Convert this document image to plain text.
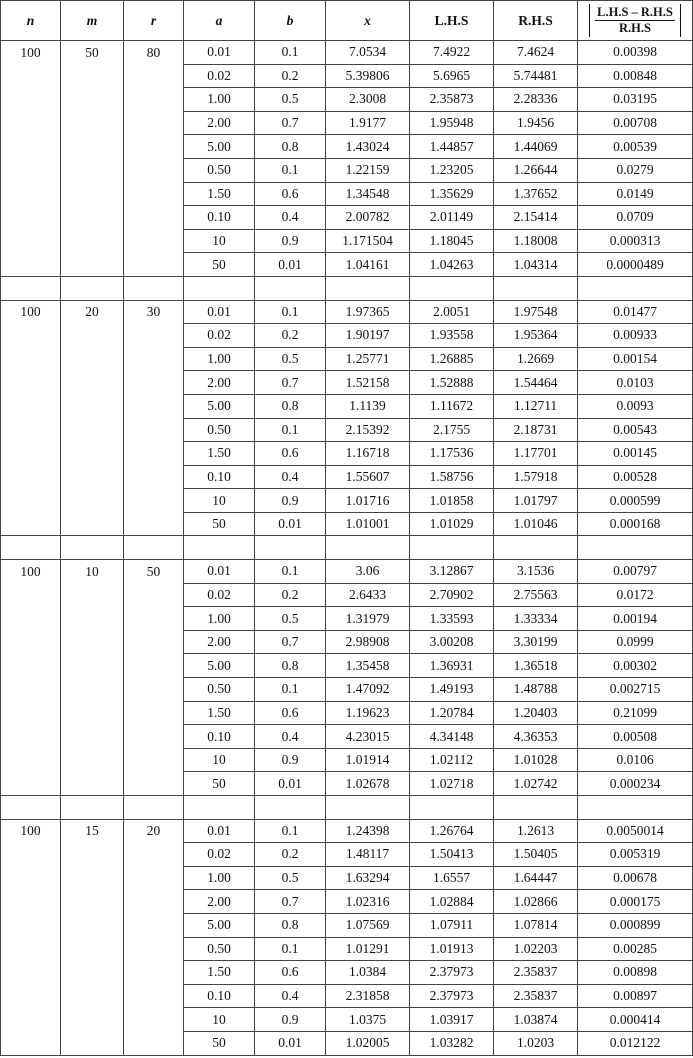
n	m	r	a	b	x	L.H.S	R.H.S	$\frac{L.H.S - R.H.S}{R.H.S}$

100	50	80	0.01	0.1	7.0534	7.4922	7.4624	0.00398
			0.02	0.2	5.39806	5.6965	5.74481	0.00848
			1.00	0.5	2.3008	2.35873	2.28336	0.03195
			2.00	0.7	1.9177	1.95948	1.9456	0.00708
			5.00	0.8	1.43024	1.44857	1.44069	0.00539
			0.50	0.1	1.22159	1.23205	1.26644	0.0279
			1.50	0.6	1.34548	1.35629	1.37652	0.0149
			0.10	0.4	2.00782	2.01149	2.15414	0.0709
			10	0.9	1.171504	1.18045	1.18008	0.000313
			50	0.01	1.04161	1.04263	1.04314	0.0000489

100	20	30	0.01	0.1	1.97365	2.0051	1.97548	0.01477
			0.02	0.2	1.90197	1.93558	1.95364	0.00933
			1.00	0.5	1.25771	1.26885	1.2669	0.00154
			2.00	0.7	1.52158	1.52888	1.54464	0.0103
			5.00	0.8	1.1139	1.11672	1.12711	0.0093
			0.50	0.1	2.15392	2.1755	2.18731	0.00543
			1.50	0.6	1.16718	1.17536	1.17701	0.00145
			0.10	0.4	1.55607	1.58756	1.57918	0.00528
			10	0.9	1.01716	1.01858	1.01797	0.000599
			50	0.01	1.01001	1.01029	1.01046	0.000168

100	10	50	0.01	0.1	3.06	3.12867	3.1536	0.00797
			0.02	0.2	2.6433	2.70902	2.75563	0.0172
			1.00	0.5	1.31979	1.33593	1.33334	0.00194
			2.00	0.7	2.98908	3.00208	3.30199	0.0999
			5.00	0.8	1.35458	1.36931	1.36518	0.00302
			0.50	0.1	1.47092	1.49193	1.48788	0.002715
			1.50	0.6	1.19623	1.20784	1.20403	0.21099
			0.10	0.4	4.23015	4.34148	4.36353	0.00508
			10	0.9	1.01914	1.02112	1.01028	0.0106
			50	0.01	1.02678	1.02718	1.02742	0.000234

100	15	20	0.01	0.1	1.24398	1.26764	1.2613	0.0050014
			0.02	0.2	1.48117	1.50413	1.50405	0.005319
			1.00	0.5	1.63294	1.6557	1.64447	0.00678
			2.00	0.7	1.02316	1.02884	1.02866	0.000175
			5.00	0.8	1.07569	1.07911	1.07814	0.000899
			0.50	0.1	1.01291	1.01913	1.02203	0.00285
			1.50	0.6	1.0384	2.37973	2.35837	0.00898
			0.10	0.4	2.31858	2.37973	2.35837	0.00897
			10	0.9	1.0375	1.03917	1.03874	0.000414
			50	0.01	1.02005	1.03282	1.0203	0.012122
